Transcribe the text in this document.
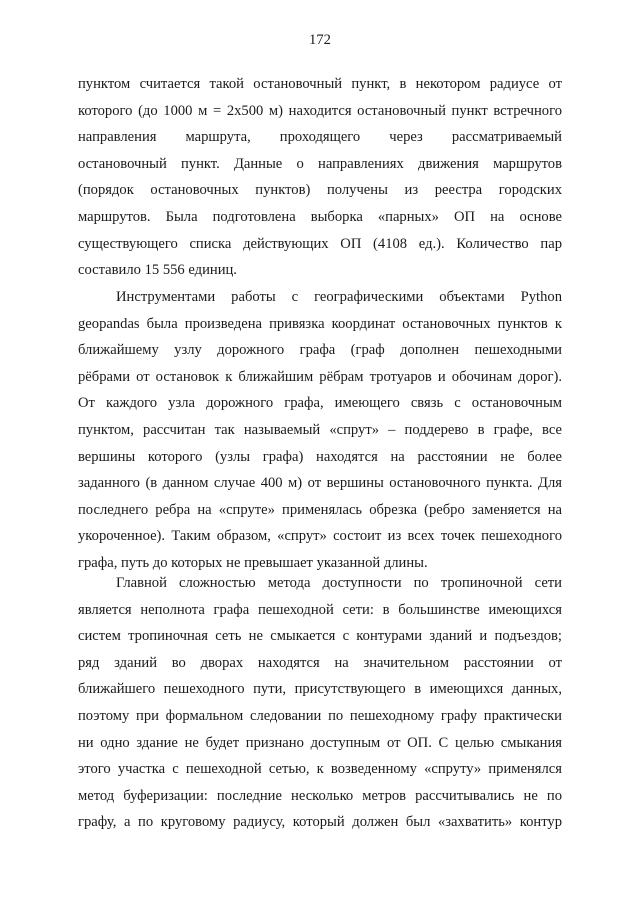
172
пунктом считается такой остановочный пункт, в некотором радиусе от
которого (до 1000 м = 2x500 м) находится остановочный пункт встречного
направления маршрута, проходящего через рассматриваемый
остановочный пункт. Данные о направлениях движения маршрутов
(порядок остановочных пунктов) получены из реестра городских
маршрутов. Была подготовлена выборка «парных» ОП на основе
существующего списка действующих ОП (4108 ед.). Количество пар
составило 15 556 единиц.
Инструментами работы с географическими объектами Python
geopandas была произведена привязка координат остановочных пунктов к
ближайшему узлу дорожного графа (граф дополнен пешеходными
рёбрами от остановок к ближайшим рёбрам тротуаров и обочинам дорог).
От каждого узла дорожного графа, имеющего связь с остановочным
пунктом, рассчитан так называемый «спрут» – поддерево в графе, все
вершины которого (узлы графа) находятся на расстоянии не более
заданного (в данном случае 400 м) от вершины остановочного пункта. Для
последнего ребра на «спруте» применялась обрезка (ребро заменяется на
укороченное). Таким образом, «спрут» состоит из всех точек пешеходного
графа, путь до которых не превышает указанной длины.
Главной сложностью метода доступности по тропиночной сети
является неполнота графа пешеходной сети: в большинстве имеющихся
систем тропиночная сеть не смыкается с контурами зданий и подъездов;
ряд зданий во дворах находятся на значительном расстоянии от
ближайшего пешеходного пути, присутствующего в имеющихся данных,
поэтому при формальном следовании по пешеходному графу практически
ни одно здание не будет признано доступным от ОП. С целью смыкания
этого участка с пешеходной сетью, к возведенному «спруту» применялся
метод буферизации: последние несколько метров рассчитывались не по
графу, а по круговому радиусу, который должен был «захватить» контур
